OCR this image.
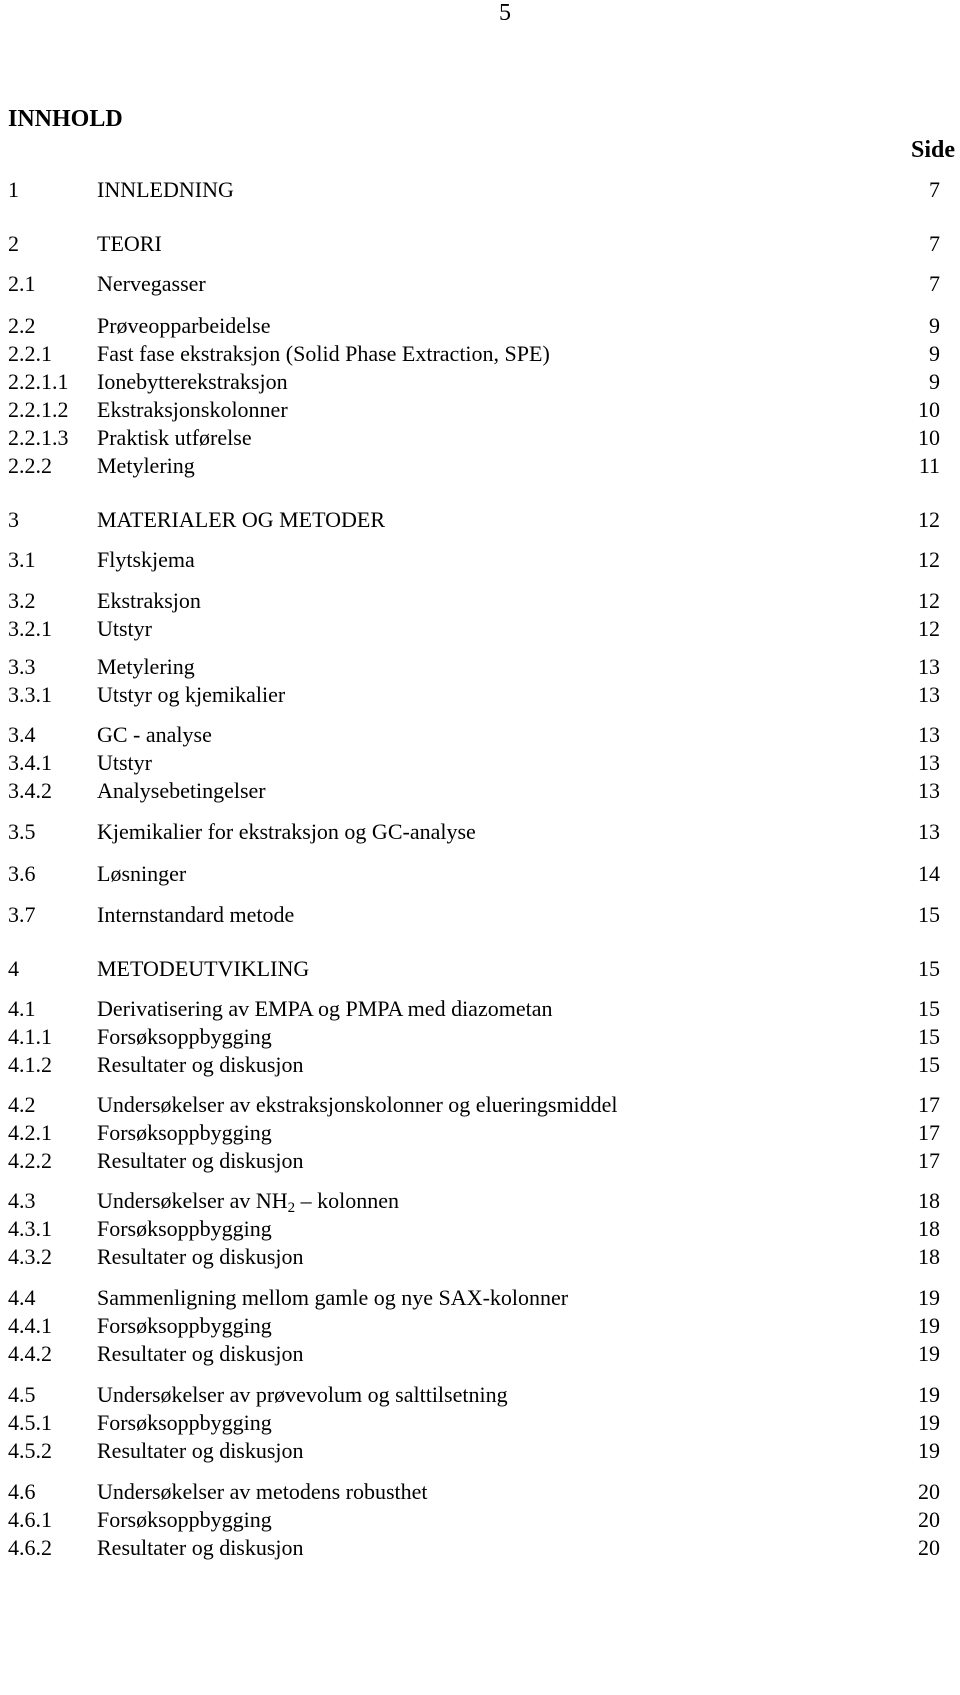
5
INNHOLD
Side
1	INNLEDNING	7
2	TEORI	7
2.1	Nervegasser	7
2.2	Prøveopparbeidelse	9
2.2.1 Fast fase ekstraksjon (Solid Phase Extraction, SPE)	9
2.2.1.1 Ionebytterekstraksjon	9
2.2.1.2 Ekstraksjonskolonner	10
2.2.1.3 Praktisk utførelse	10
2.2.2 Metylering	11
3	MATERIALER OG METODER	12
3.1	Flytskjema	12
3.2	Ekstraksjon	12
3.2.1 Utstyr	12
3.3	Metylering	13
3.3.1 Utstyr og kjemikalier	13
3.4	GC - analyse	13
3.4.1 Utstyr	13
3.4.2 Analysebetingelser	13
3.5	Kjemikalier for ekstraksjon og GC-analyse	13
3.6	Løsninger	14
3.7	Internstandard metode	15
4	METODEUTVIKLING	15
4.1	Derivatisering av EMPA og PMPA med diazometan	15
4.1.1 Forsøksoppbygging	15
4.1.2 Resultater og diskusjon	15
4.2	Undersøkelser av ekstraksjonskolonner og elueringsmiddel	17
4.2.1 Forsøksoppbygging	17
4.2.2 Resultater og diskusjon	17
4.3	Undersøkelser av $NH_2$ – kolonnen	18
4.3.1 Forsøksoppbygging	18
4.3.2 Resultater og diskusjon	18
4.4	Sammenligning mellom gamle og nye SAX-kolonner	19
4.4.1 Forsøksoppbygging	19
4.4.2 Resultater og diskusjon	19
4.5	Undersøkelser av prøvevolum og salttilsetning	19
4.5.1 Forsøksoppbygging	19
4.5.2 Resultater og diskusjon	19
4.6	Undersøkelser av metodens robusthet	20
4.6.1 Forsøksoppbygging	20
4.6.2 Resultater og diskusjon	20
